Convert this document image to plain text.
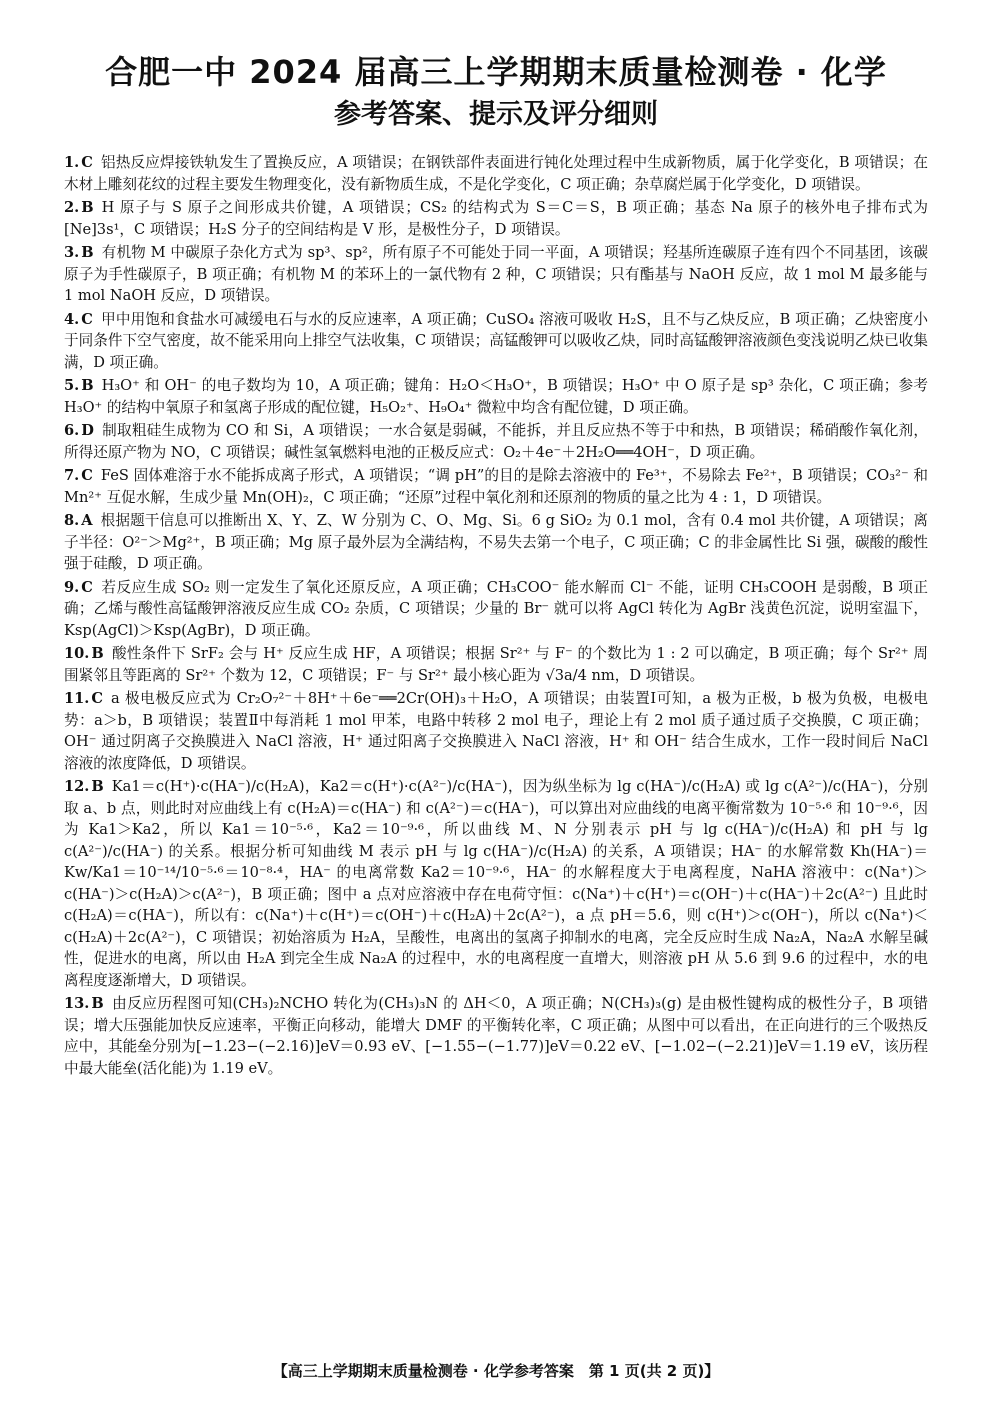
合肥一中 2024 届高三上学期期末质量检测卷 · 化学
参考答案、提示及评分细则

1. C 铝热反应焊接铁轨发生了置换反应，A 项错误；在钢铁部件表面进行钝化处理过程中生成新物质，属于化学变化，B 项错误；在木材上雕刻花纹的过程主要发生物理变化，没有新物质生成，不是化学变化，C 项正确；杂草腐烂属于化学变化，D 项错误。

2. B H 原子与 S 原子之间形成共价键，A 项错误；CS₂ 的结构式为 S＝C＝S，B 项正确；基态 Na 原子的核外电子排布式为[Ne]3s¹，C 项错误；H₂S 分子的空间结构是 V 形，是极性分子，D 项错误。

3. B 有机物 M 中碳原子杂化方式为 sp³、sp²，所有原子不可能处于同一平面，A 项错误；羟基所连碳原子连有四个不同基团，该碳原子为手性碳原子，B 项正确；有机物 M 的苯环上的一氯代物有 2 种，C 项错误；只有酯基与 NaOH 反应，故 1 mol M 最多能与 1 mol NaOH 反应，D 项错误。

4. C 甲中用饱和食盐水可减缓电石与水的反应速率，A 项正确；CuSO₄ 溶液可吸收 H₂S，且不与乙炔反应，B 项正确；乙炔密度小于同条件下空气密度，故不能采用向上排空气法收集，C 项错误；高锰酸钾可以吸收乙炔，同时高锰酸钾溶液颜色变浅说明乙炔已收集满，D 项正确。

5. B H₃O⁺ 和 OH⁻ 的电子数均为 10，A 项正确；键角：H₂O＜H₃O⁺，B 项错误；H₃O⁺ 中 O 原子是 sp³ 杂化，C 项正确；参考 H₃O⁺ 的结构中氧原子和氢离子形成的配位键，H₅O₂⁺、H₉O₄⁺ 微粒中均含有配位键，D 项正确。

6. D 制取粗硅生成物为 CO 和 Si，A 项错误；一水合氨是弱碱，不能拆，并且反应热不等于中和热，B 项错误；稀硝酸作氧化剂，所得还原产物为 NO，C 项错误；碱性氢氧燃料电池的正极反应式：O₂＋4e⁻＋2H₂O══4OH⁻，D 项正确。

7. C FeS 固体难溶于水不能拆成离子形式，A 项错误；“调 pH”的目的是除去溶液中的 Fe³⁺，不易除去 Fe²⁺，B 项错误；CO₃²⁻ 和 Mn²⁺ 互促水解，生成少量 Mn(OH)₂，C 项正确；“还原”过程中氧化剂和还原剂的物质的量之比为 4 : 1，D 项错误。

8. A 根据题干信息可以推断出 X、Y、Z、W 分别为 C、O、Mg、Si。6 g SiO₂ 为 0.1 mol，含有 0.4 mol 共价键，A 项错误；离子半径：O²⁻＞Mg²⁺，B 项正确；Mg 原子最外层为全满结构，不易失去第一个电子，C 项正确；C 的非金属性比 Si 强，碳酸的酸性强于硅酸，D 项正确。

9. C 若反应生成 SO₂ 则一定发生了氧化还原反应，A 项正确；CH₃COO⁻ 能水解而 Cl⁻ 不能，证明 CH₃COOH 是弱酸，B 项正确；乙烯与酸性高锰酸钾溶液反应生成 CO₂ 杂质，C 项错误；少量的 Br⁻ 就可以将 AgCl 转化为 AgBr 浅黄色沉淀，说明室温下，Ksp(AgCl)＞Ksp(AgBr)，D 项正确。

10. B 酸性条件下 SrF₂ 会与 H⁺ 反应生成 HF，A 项错误；根据 Sr²⁺ 与 F⁻ 的个数比为 1 : 2 可以确定，B 项正确；每个 Sr²⁺ 周围紧邻且等距离的 Sr²⁺ 个数为 12，C 项错误；F⁻ 与 Sr²⁺ 最小核心距为 √3a/4 nm，D 项错误。

11. C a 极电极反应式为 Cr₂O₇²⁻＋8H⁺＋6e⁻══2Cr(OH)₃＋H₂O，A 项错误；由装置Ⅰ可知，a 极为正极，b 极为负极，电极电势：a＞b，B 项错误；装置Ⅱ中每消耗 1 mol 甲苯，电路中转移 2 mol 电子，理论上有 2 mol 质子通过质子交换膜，C 项正确；OH⁻ 通过阴离子交换膜进入 NaCl 溶液，H⁺ 通过阳离子交换膜进入 NaCl 溶液，H⁺ 和 OH⁻ 结合生成水，工作一段时间后 NaCl 溶液的浓度降低，D 项错误。

12. B Ka1＝c(H⁺)·c(HA⁻)/c(H₂A)，Ka2＝c(H⁺)·c(A²⁻)/c(HA⁻)，因为纵坐标为 lg c(HA⁻)/c(H₂A) 或 lg c(A²⁻)/c(HA⁻)，分别取 a、b 点，则此时对应曲线上有 c(H₂A)＝c(HA⁻) 和 c(A²⁻)＝c(HA⁻)，可以算出对应曲线的电离平衡常数为 10⁻⁵·⁶ 和 10⁻⁹·⁶，因为 Ka1＞Ka2，所以 Ka1＝10⁻⁵·⁶，Ka2＝10⁻⁹·⁶，所以曲线 M、N 分别表示 pH 与 lg c(HA⁻)/c(H₂A) 和 pH 与 lg c(A²⁻)/c(HA⁻) 的关系。根据分析可知曲线 M 表示 pH 与 lg c(HA⁻)/c(H₂A) 的关系，A 项错误；HA⁻ 的水解常数 Kh(HA⁻)＝Kw/Ka1＝10⁻¹⁴/10⁻⁵·⁶＝10⁻⁸·⁴，HA⁻ 的电离常数 Ka2＝10⁻⁹·⁶，HA⁻ 的水解程度大于电离程度，NaHA 溶液中：c(Na⁺)＞c(HA⁻)＞c(H₂A)＞c(A²⁻)，B 项正确；图中 a 点对应溶液中存在电荷守恒：c(Na⁺)＋c(H⁺)＝c(OH⁻)＋c(HA⁻)＋2c(A²⁻) 且此时 c(H₂A)＝c(HA⁻)，所以有：c(Na⁺)＋c(H⁺)＝c(OH⁻)＋c(H₂A)＋2c(A²⁻)，a 点 pH＝5.6，则 c(H⁺)＞c(OH⁻)，所以 c(Na⁺)＜c(H₂A)＋2c(A²⁻)，C 项错误；初始溶质为 H₂A，呈酸性，电离出的氢离子抑制水的电离，完全反应时生成 Na₂A，Na₂A 水解呈碱性，促进水的电离，所以由 H₂A 到完全生成 Na₂A 的过程中，水的电离程度一直增大，则溶液 pH 从 5.6 到 9.6 的过程中，水的电离程度逐渐增大，D 项错误。

13. B 由反应历程图可知(CH₃)₂NCHO 转化为(CH₃)₃N 的 ΔH＜0，A 项正确；N(CH₃)₃(g) 是由极性键构成的极性分子，B 项错误；增大压强能加快反应速率，平衡正向移动，能增大 DMF 的平衡转化率，C 项正确；从图中可以看出，在正向进行的三个吸热反应中，其能垒分别为[−1.23−(−2.16)]eV＝0.93 eV、[−1.55−(−1.77)]eV＝0.22 eV、[−1.02−(−2.21)]eV＝1.19 eV，该历程中最大能垒(活化能)为 1.19 eV。

【高三上学期期末质量检测卷 · 化学参考答案　第 1 页(共 2 页)】
